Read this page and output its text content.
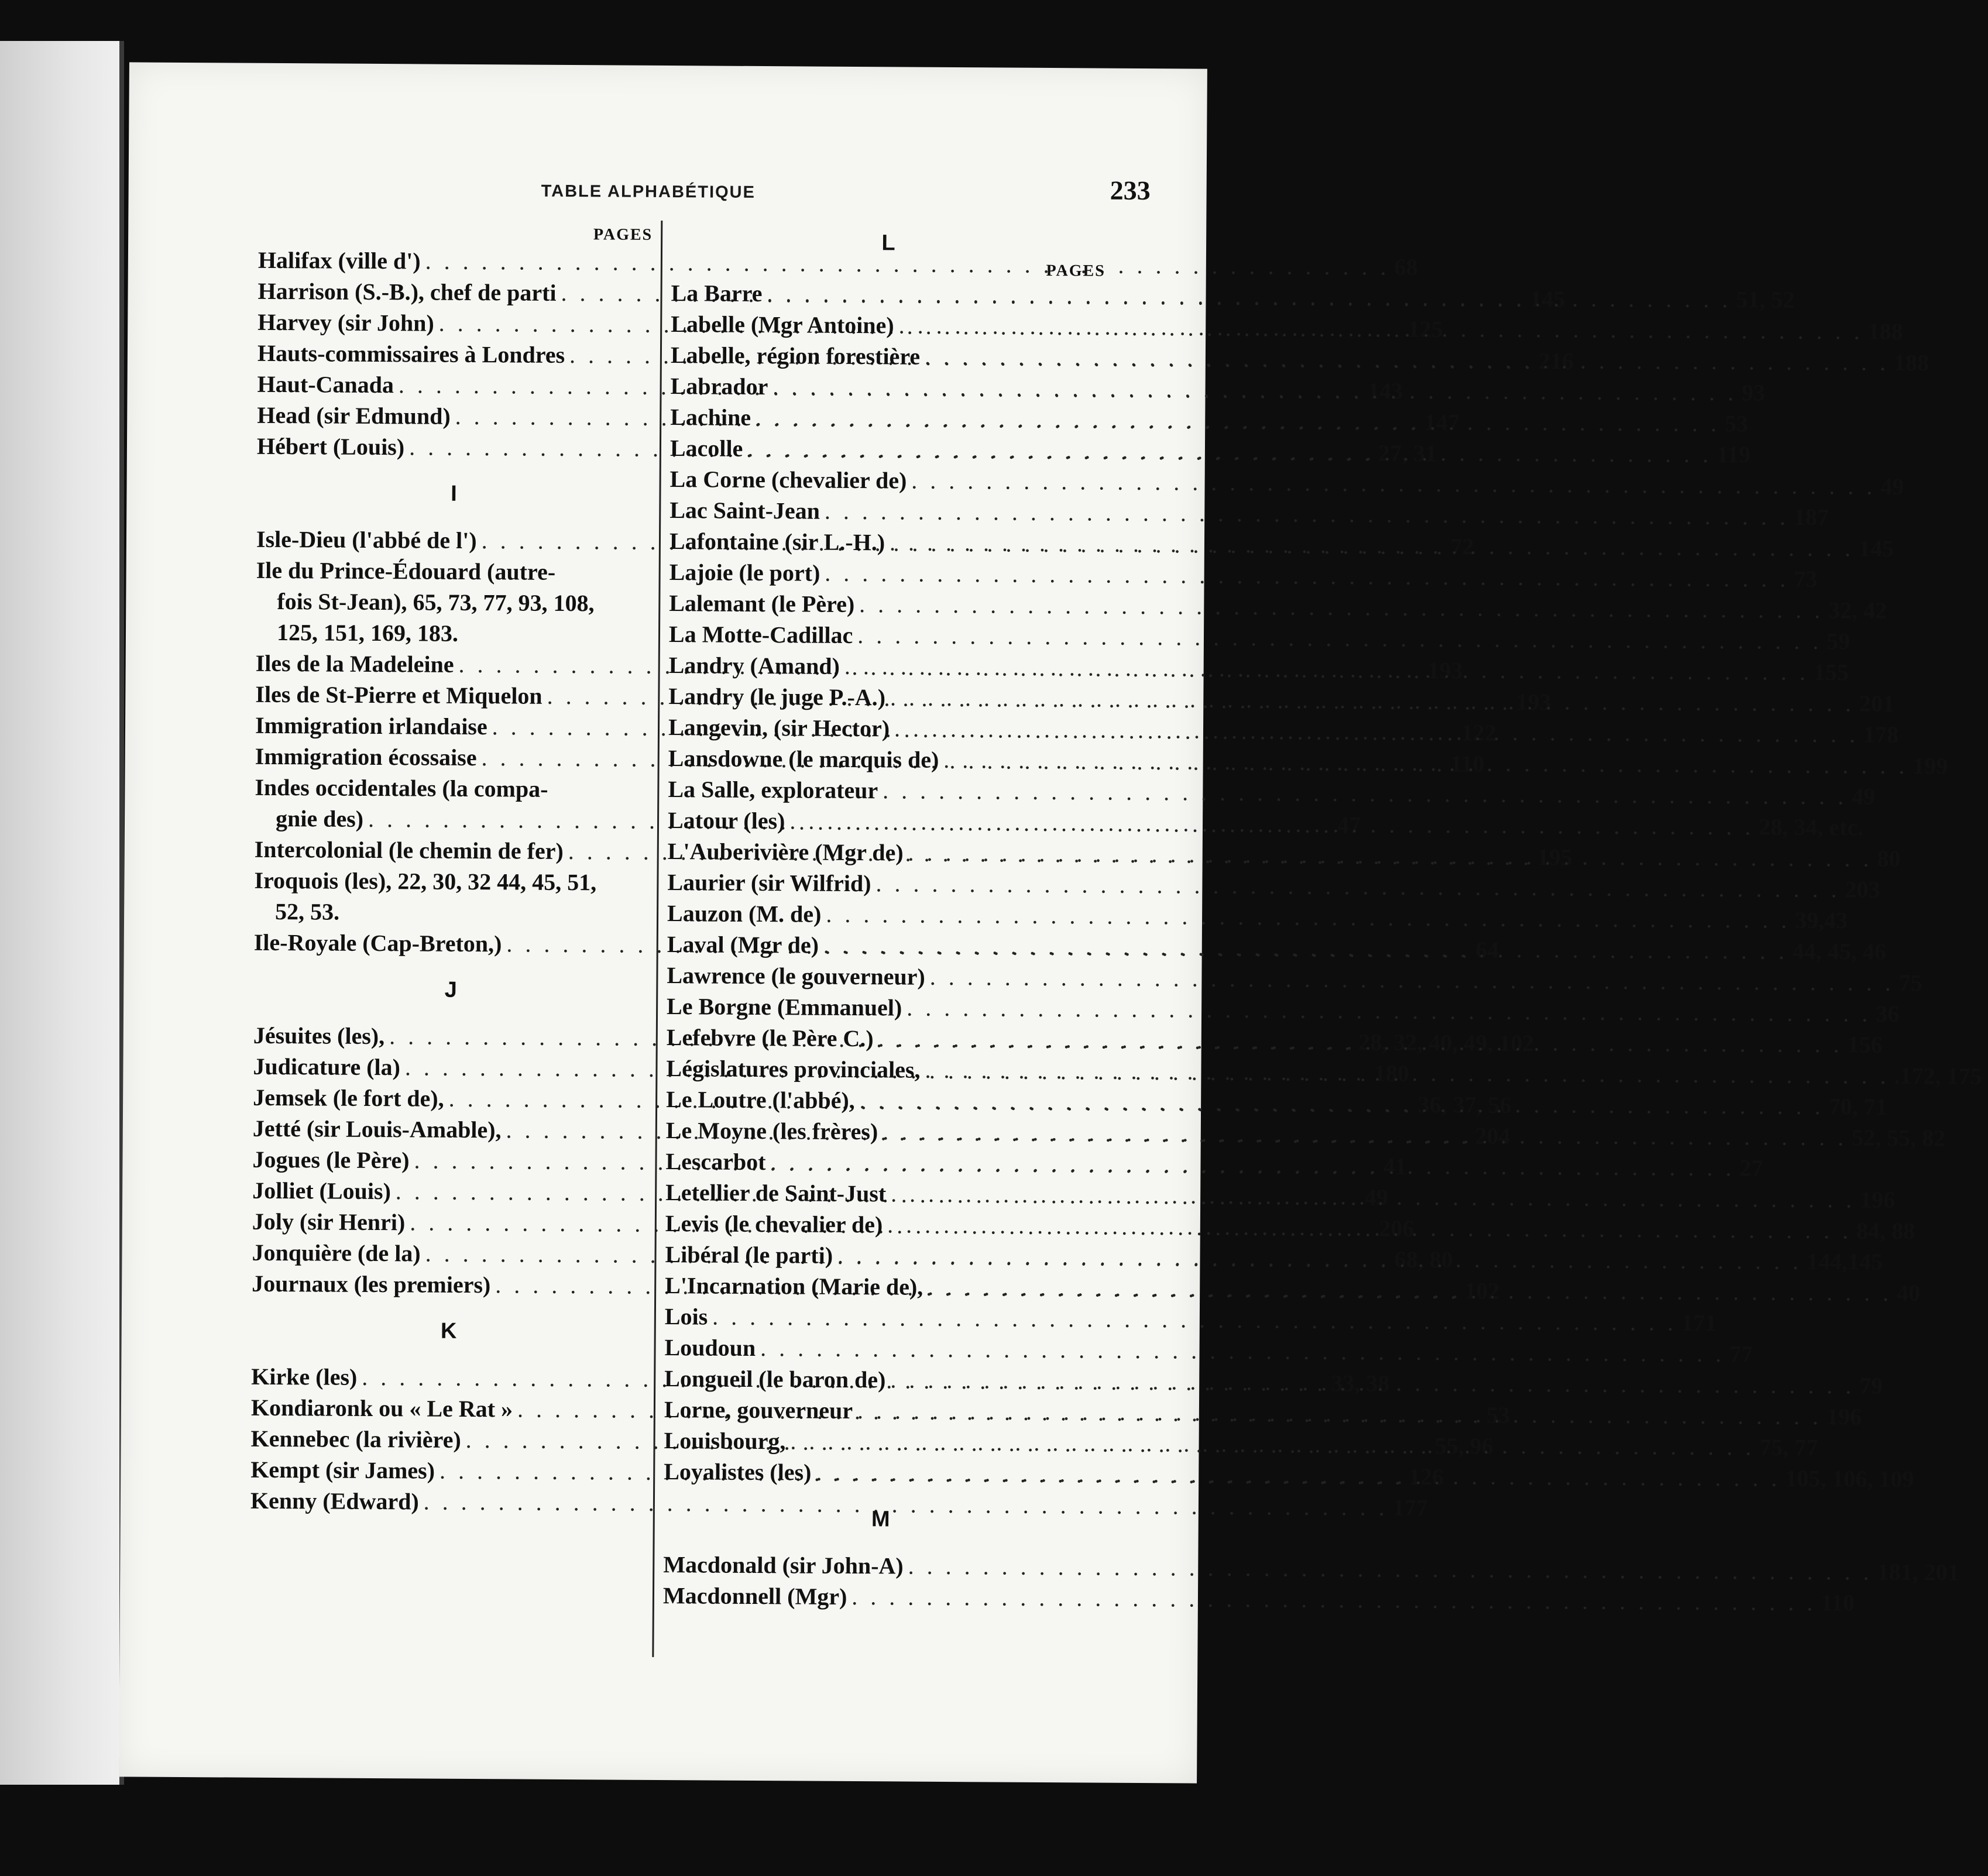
TABLE ALPHABÉTIQUE	233
PAGES
Halifax (ville d') . . .	68
Harrison (S.-B.), chef de parti . . .	145
Harvey (sir John) . . .	125
Hauts-commissaires à Londres . . .	216
Haut-Canada . . .	143
Head (sir Edmund) . . .	147
Hébert (Louis) . . .	27, 31
I
Isle-Dieu (l'abbé de l') . . .	72
Ile du Prince-Édouard (autre-
fois St-Jean), 65, 73, 77, 93, 108,
125, 151, 169, 183.
Iles de la Madeleine . . .	193
Iles de St-Pierre et Miquelon . . .	193
Immigration irlandaise . . .	122
Immigration écossaise . . .	110
Indes occidentales (la compa-
gnie des) . . .	47
Intercolonial (le chemin de fer) . . .	195
Iroquois (les), 22, 30, 32 44, 45, 51,
52, 53.
Ile-Royale (Cap-Breton,) . . .	64
J
Jésuites (les), . . .	28, 32, 40, 49, 102
Judicature (la) . . .	180
Jemsek (le fort de), . . .	36, 37, 56
Jetté (sir Louis-Amable), . . .	204
Jogues (le Père) . . .	41
Jolliet (Louis) . . .	49
Joly (sir Henri) . . .	206
Jonquière (de la) . . .	68, 80
Journaux (les premiers) . . .	102
K
Kirke (les) . . .	33, 38
Kondiaronk ou « Le Rat » . . .	53
Kennebec (la rivière) . . .	55, 96
Kempt (sir James) . . .	126
Kenny (Edward) . . .	177
L
PAGES
La Barre . . .	51, 52
Labelle (Mgr Antoine) . . .	188
Labelle, région forestière . . .	188
Labrador . . .	93
Lachine . . .	53
Lacolle . . .	119
La Corne (chevalier de) . . .	49
Lac Saint-Jean . . .	187
Lafontaine (sir L.-H.) . . .	145
Lajoie (le port) . . .	73
Lalemant (le Père) . . .	32, 42
La Motte-Cadillac . . .	59
Landry (Amand) . . .	155
Landry (le juge P.-A.) . . .	201
Langevin, (sir Hector) . . .	178
Lansdowne (le marquis de) . . .	199
La Salle, explorateur . . .	49
Latour (les) . . .	28, 34, etc.
L'Auberivière (Mgr de) . . .	80
Laurier (sir Wilfrid) . . .	203
Lauzon (M. de) . . .	39,43
Laval (Mgr de) . . .	44, 45, 46
Lawrence (le gouverneur) . . .	75
Le Borgne (Emmanuel) . . .	36
Lefebvre (le Père C.) . . .	156
Législatures provinciales, . . .	.172, 175
Le Loutre (l'abbé), . . .	70, 71
Le Moyne (les frères) . . .	52, 55, 82
Lescarbot . . .	27
Letellier de Saint-Just . . .	196
Levis (le chevalier de) . . .	84, 88
Libéral (le parti) . . .	144,145
L'Incarnation (Marie de), . . .	40
Lois . . .	171
Loudoun . . .	77
Longueil (le baron de) . . .	79
Lorne, gouverneur . . .	196
Louisbourg, . . .	75, 77
Loyalistes (les) . . .	105, 106, 109
M
Macdonald (sir John-A) . . .	181, 201
Macdonnell (Mgr) . . .	110
